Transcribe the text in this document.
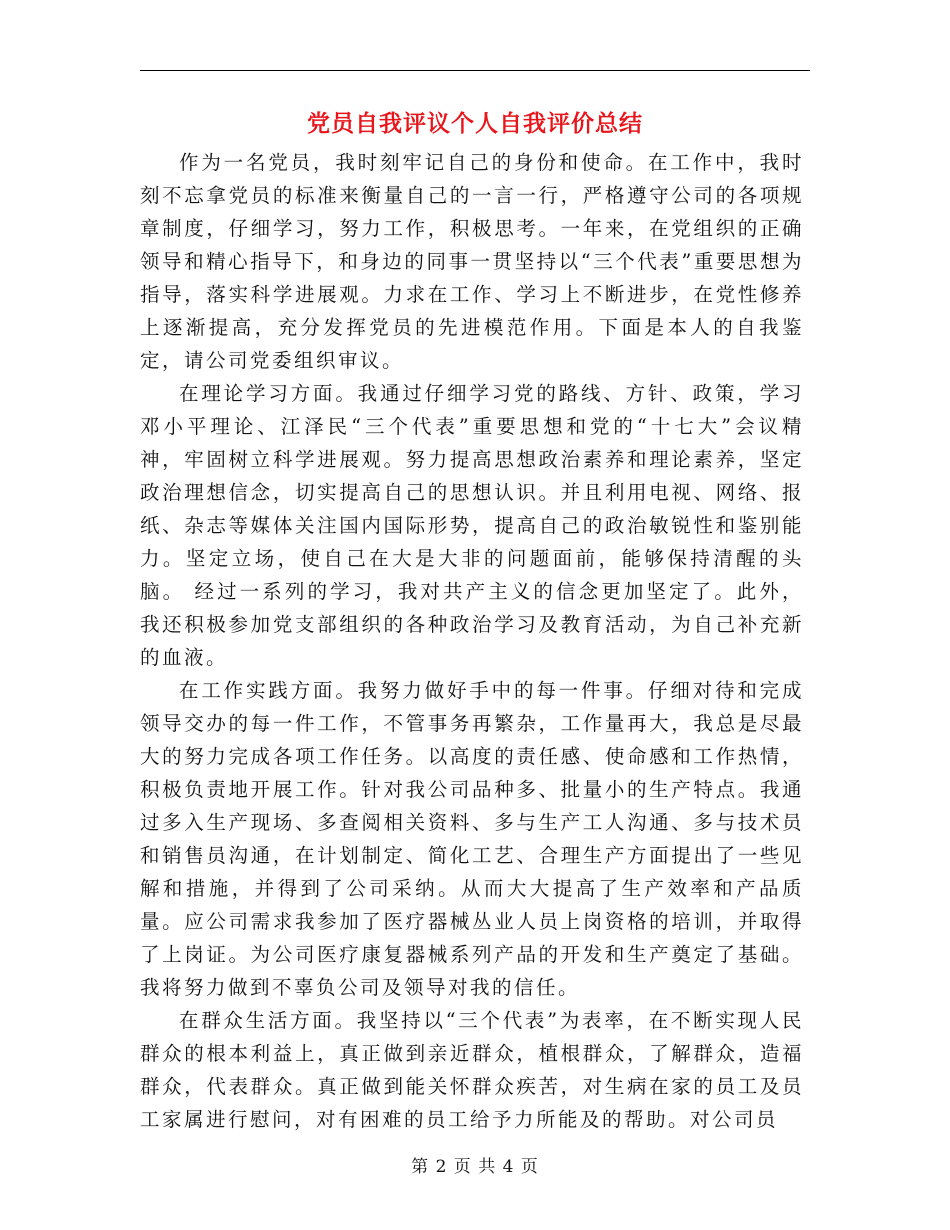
党员自我评议个人自我评价总结

作为一名党员，我时刻牢记自己的身份和使命。在工作中，我时刻不忘拿党员的标准来衡量自己的一言一行，严格遵守公司的各项规章制度，仔细学习，努力工作，积极思考。一年来，在党组织的正确领导和精心指导下，和身边的同事一贯坚持以“三个代表”重要思想为指导，落实科学进展观。力求在工作、学习上不断进步，在党性修养上逐渐提高，充分发挥党员的先进模范作用。下面是本人的自我鉴定，请公司党委组织审议。

在理论学习方面。我通过仔细学习党的路线、方针、政策，学习邓小平理论、江泽民“三个代表”重要思想和党的“十七大”会议精神，牢固树立科学进展观。努力提高思想政治素养和理论素养，坚定政治理想信念，切实提高自己的思想认识。并且利用电视、网络、报纸、杂志等媒体关注国内国际形势，提高自己的政治敏锐性和鉴别能力。坚定立场，使自己在大是大非的问题面前，能够保持清醒的头脑。 经过一系列的学习，我对共产主义的信念更加坚定了。此外，我还积极参加党支部组织的各种政治学习及教育活动，为自己补充新的血液。

在工作实践方面。我努力做好手中的每一件事。仔细对待和完成领导交办的每一件工作，不管事务再繁杂，工作量再大，我总是尽最大的努力完成各项工作任务。以高度的责任感、使命感和工作热情，积极负责地开展工作。针对我公司品种多、批量小的生产特点。我通过多入生产现场、多查阅相关资料、多与生产工人沟通、多与技术员和销售员沟通，在计划制定、简化工艺、合理生产方面提出了一些见解和措施，并得到了公司采纳。从而大大提高了生产效率和产品质量。应公司需求我参加了医疗器械丛业人员上岗资格的培训，并取得了上岗证。为公司医疗康复器械系列产品的开发和生产奠定了基础。我将努力做到不辜负公司及领导对我的信任。

在群众生活方面。我坚持以“三个代表”为表率，在不断实现人民群众的根本利益上，真正做到亲近群众，植根群众，了解群众，造福群众，代表群众。真正做到能关怀群众疾苦，对生病在家的员工及员工家属进行慰问，对有困难的员工给予力所能及的帮助。对公司员

第 2 页 共 4 页
